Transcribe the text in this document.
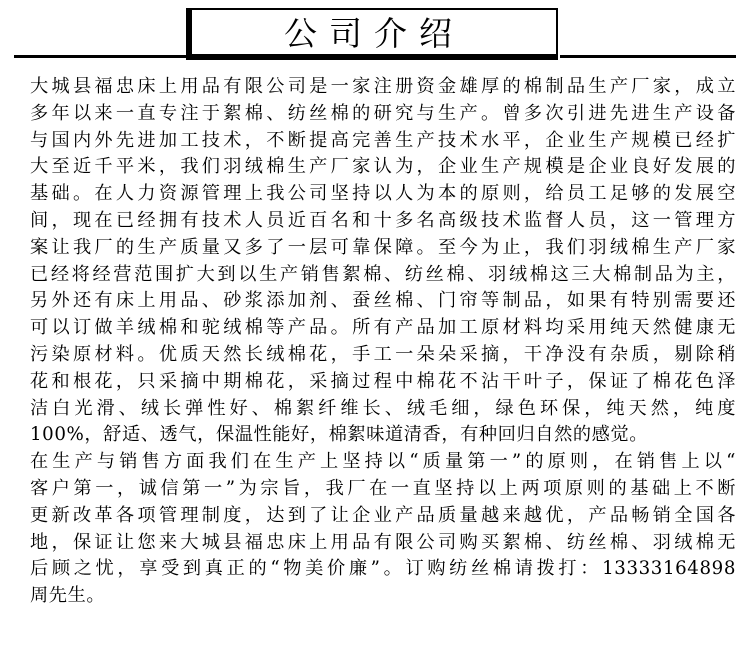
公司介绍
大城县福忠床上用品有限公司是一家注册资金雄厚的棉制品生产厂家，成立
多年以来一直专注于絮棉、纺丝棉的研究与生产。曾多次引进先进生产设备
与国内外先进加工技术，不断提高完善生产技术水平，企业生产规模已经扩
大至近千平米，我们羽绒棉生产厂家认为，企业生产规模是企业良好发展的
基础。在人力资源管理上我公司坚持以人为本的原则，给员工足够的发展空
间，现在已经拥有技术人员近百名和十多名高级技术监督人员，这一管理方
案让我厂的生产质量又多了一层可靠保障。至今为止，我们羽绒棉生产厂家
已经将经营范围扩大到以生产销售絮棉、纺丝棉、羽绒棉这三大棉制品为主，
另外还有床上用品、砂浆添加剂、蚕丝棉、门帘等制品，如果有特别需要还
可以订做羊绒棉和驼绒棉等产品。所有产品加工原材料均采用纯天然健康无
污染原材料。优质天然长绒棉花，手工一朵朵采摘，干净没有杂质，剔除稍
花和根花，只采摘中期棉花，采摘过程中棉花不沾干叶子，保证了棉花色泽
洁白光滑、绒长弹性好、棉絮纤维长、绒毛细，绿色环保，纯天然，纯度
100%，舒适、透气，保温性能好，棉絮味道清香，有种回归自然的感觉。
在生产与销售方面我们在生产上坚持以“质量第一”的原则，在销售上以“
客户第一，诚信第一”为宗旨，我厂在一直坚持以上两项原则的基础上不断
更新改革各项管理制度，达到了让企业产品质量越来越优，产品畅销全国各
地，保证让您来大城县福忠床上用品有限公司购买絮棉、纺丝棉、羽绒棉无
后顾之忧，享受到真正的“物美价廉”。订购纺丝棉请拨打：13333164898
周先生。
